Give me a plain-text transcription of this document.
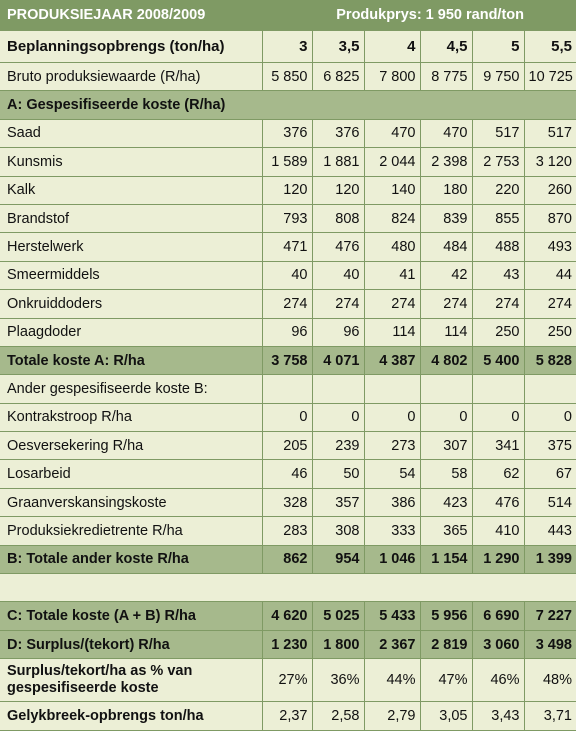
PRODUKSIEJAAR 2008/2009	Produkprys: 1 950 rand/ton
Beplanningsopbrengs (ton/ha)	3	3,5	4	4,5	5	5,5
Bruto produksiewaarde (R/ha)	5 850	6 825	7 800	8 775	9 750	10 725
A: Gespesifiseerde koste (R/ha)						
Saad	376	376	470	470	517	517
Kunsmis	1 589	1 881	2 044	2 398	2 753	3 120
Kalk	120	120	140	180	220	260
Brandstof	793	808	824	839	855	870
Herstelwerk	471	476	480	484	488	493
Smeermiddels	40	40	41	42	43	44
Onkruiddoders	274	274	274	274	274	274
Plaagdoder	96	96	114	114	250	250
Totale koste A: R/ha	3 758	4 071	4 387	4 802	5 400	5 828
Ander gespesifiseerde koste B:						
Kontrakstroop R/ha	0	0	0	0	0	0
Oesversekering R/ha	205	239	273	307	341	375
Losarbeid	46	50	54	58	62	67
Graanverskansingskoste	328	357	386	423	476	514
Produksiekredietrente R/ha	283	308	333	365	410	443
B: Totale ander koste R/ha	862	954	1 046	1 154	1 290	1 399

C: Totale koste (A + B) R/ha	4 620	5 025	5 433	5 956	6 690	7 227
D: Surplus/(tekort) R/ha	1 230	1 800	2 367	2 819	3 060	3 498
Surplus/tekort/ha as % van gespesifiseerde koste	27%	36%	44%	47%	46%	48%
Gelykbreek-opbrengs ton/ha	2,37	2,58	2,79	3,05	3,43	3,71
